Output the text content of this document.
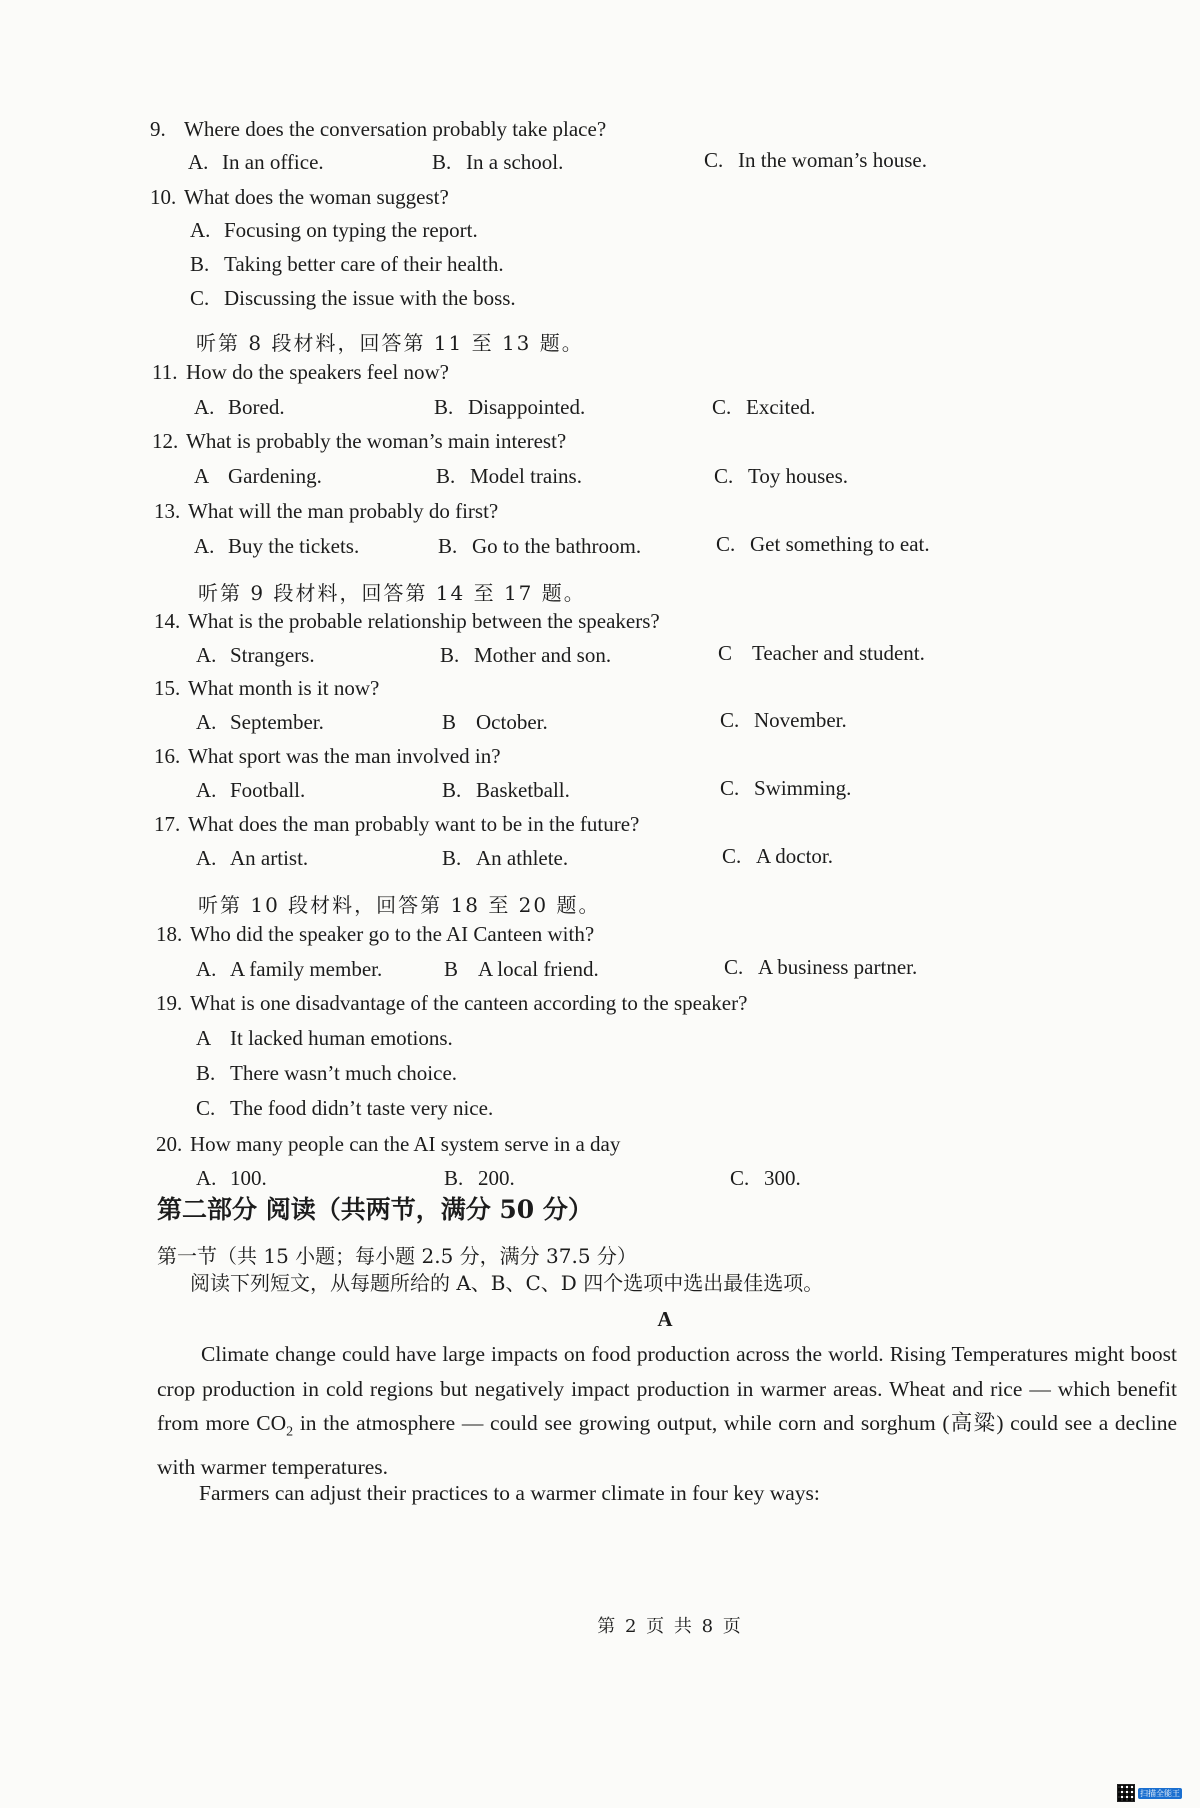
9. Where does the conversation probably take place?
A. In an office.	B. In a school.	C. In the woman’s house.
10. What does the woman suggest?
A. Focusing on typing the report.
B. Taking better care of their health.
C. Discussing the issue with the boss.
听第 8 段材料，回答第 11 至 13 题。
11. How do the speakers feel now?
A. Bored.	B. Disappointed.	C. Excited.
12. What is probably the woman’s main interest?
A Gardening.	B. Model trains.	C. Toy houses.
13. What will the man probably do first?
A. Buy the tickets.	B. Go to the bathroom.	C. Get something to eat.
听第 9 段材料，回答第 14 至 17 题。
14. What is the probable relationship between the speakers?
A. Strangers.	B. Mother and son.	C Teacher and student.
15. What month is it now?
A. September.	B October.	C. November.
16. What sport was the man involved in?
A. Football.	B. Basketball.	C. Swimming.
17. What does the man probably want to be in the future?
A. An artist.	B. An athlete.	C. A doctor.
听第 10 段材料，回答第 18 至 20 题。
18. Who did the speaker go to the AI Canteen with?
A. A family member.	B A local friend.	C. A business partner.
19. What is one disadvantage of the canteen according to the speaker?
A It lacked human emotions.
B. There wasn’t much choice.
C. The food didn’t taste very nice.
20. How many people can the AI system serve in a day
A. 100.	B. 200.	C. 300.
第二部分 阅读（共两节，满分 50 分）
第一节（共 15 小题；每小题 2.5 分，满分 37.5 分）
阅读下列短文，从每题所给的 A、B、C、D 四个选项中选出最佳选项。
A
Climate change could have large impacts on food production across the world. Rising Temperatures might boost crop production in cold regions but negatively impact production in warmer areas. Wheat and rice — which benefit from more $CO_2$ in the atmosphere — could see growing output, while corn and sorghum (高粱) could see a decline with warmer temperatures.
Farmers can adjust their practices to a warmer climate in four key ways:
第 2 页 共 8 页
扫描全能王
